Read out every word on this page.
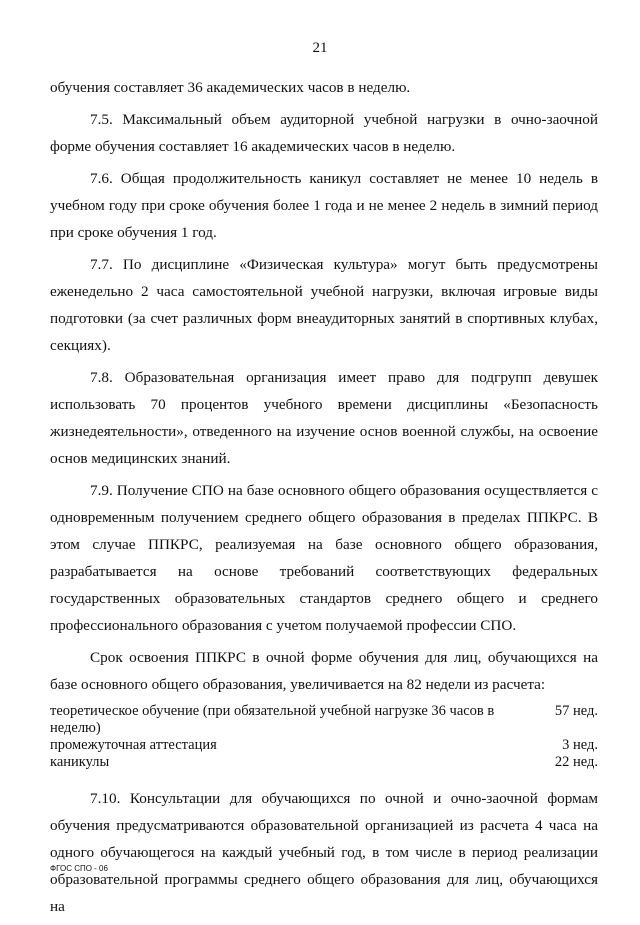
21

обучения составляет 36 академических часов в неделю.

7.5. Максимальный объем аудиторной учебной нагрузки в очно-заочной форме обучения составляет 16 академических часов в неделю.

7.6. Общая продолжительность каникул составляет не менее 10 недель в учебном году при сроке обучения более 1 года и не менее 2 недель в зимний период при сроке обучения 1 год.

7.7. По дисциплине «Физическая культура» могут быть предусмотрены еженедельно 2 часа самостоятельной учебной нагрузки, включая игровые виды подготовки (за счет различных форм внеаудиторных занятий в спортивных клубах, секциях).

7.8. Образовательная организация имеет право для подгрупп девушек использовать 70 процентов учебного времени дисциплины «Безопасность жизнедеятельности», отведенного на изучение основ военной службы, на освоение основ медицинских знаний.

7.9. Получение СПО на базе основного общего образования осуществляется с одновременным получением среднего общего образования в пределах ППКРС. В этом случае ППКРС, реализуемая на базе основного общего образования, разрабатывается на основе требований соответствующих федеральных государственных образовательных стандартов среднего общего и среднего профессионального образования с учетом получаемой профессии СПО.

Срок освоения ППКРС в очной форме обучения для лиц, обучающихся на базе основного общего образования, увеличивается на 82 недели из расчета:

теоретическое обучение (при обязательной учебной нагрузке 36 часов в неделю)	57 нед.
промежуточная аттестация	3 нед.
каникулы	22 нед.

7.10. Консультации для обучающихся по очной и очно-заочной формам обучения предусматриваются образовательной организацией из расчета 4 часа на одного обучающегося на каждый учебный год, в том числе в период реализации образовательной программы среднего общего образования для лиц, обучающихся на

ФГОС СПО - 06
